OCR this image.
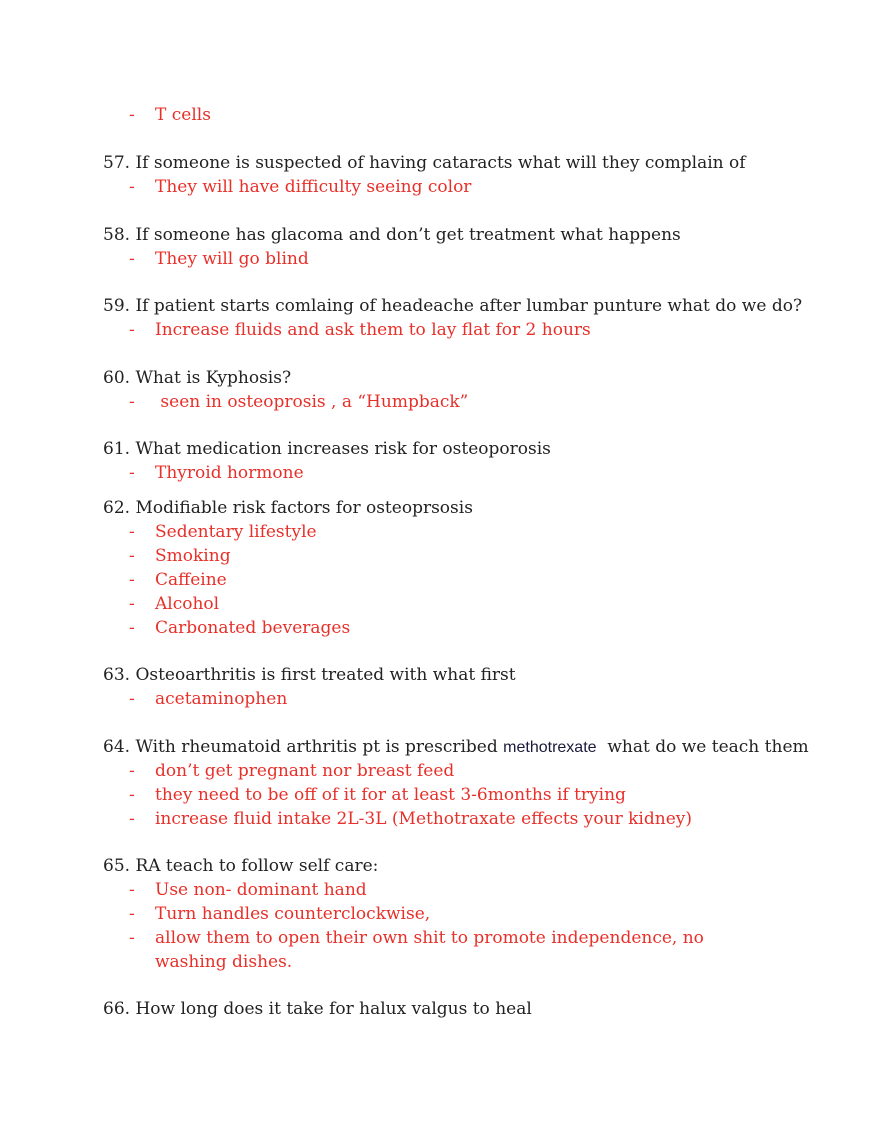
- T cells
57. If someone is suspected of having cataracts what will they complain of
- They will have difficulty seeing color
58. If someone has glacoma and don’t get treatment what happens
- They will go blind
59. If patient starts comlaing of headeache after lumbar punture what do we do?
- Increase fluids and ask them to lay flat for 2 hours
60. What is Kyphosis?
- seen in osteoprosis , a “Humpback”
61. What medication increases risk for osteoporosis
- Thyroid hormone
62. Modifiable risk factors for osteoprsosis
- Sedentary lifestyle
- Smoking
- Caffeine
- Alcohol
- Carbonated beverages
63. Osteoarthritis is first treated with what first
- acetaminophen
64. With rheumatoid arthritis pt is prescribed methotrexate  what do we teach them
- don’t get pregnant nor breast feed
- they need to be off of it for at least 3-6months if trying
- increase fluid intake 2L-3L (Methotraxate effects your kidney)
65. RA teach to follow self care:
- Use non- dominant hand
- Turn handles counterclockwise,
- allow them to open their own shit to promote independence, no washing dishes.
66. How long does it take for halux valgus to heal
